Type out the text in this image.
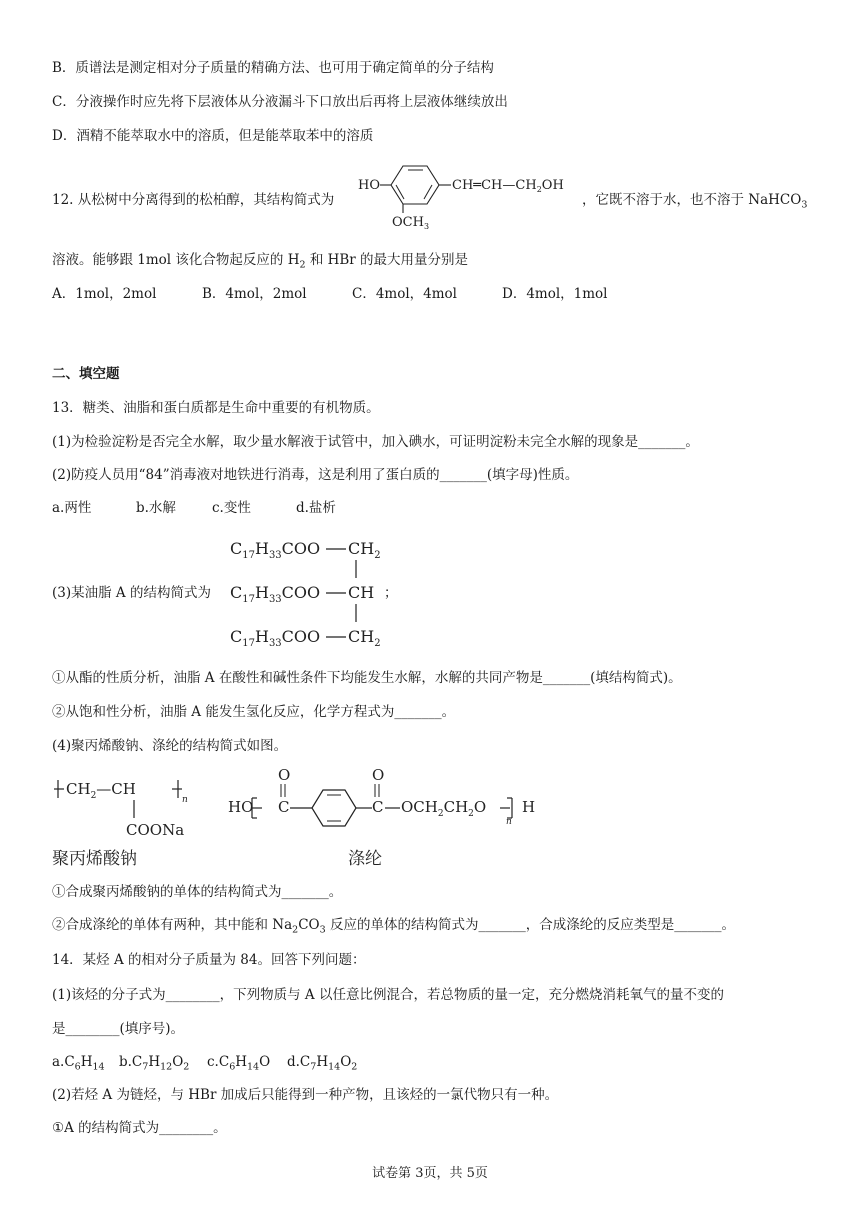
B．质谱法是测定相对分子质量的精确方法、也可用于确定简单的分子结构
C．分液操作时应先将下层液体从分液漏斗下口放出后再将上层液体继续放出
D．酒精不能萃取水中的溶质，但是能萃取苯中的溶质
12. 从松树中分离得到的松柏醇，其结构简式为
HO	$CH═CH—CH_2OH$
$OCH_3$
，它既不溶于水，也不溶于 NaHCO$_3$
溶液。能够跟 1mol 该化合物起反应的 $H_2$ 和 HBr 的最大用量分别是
A．1mol，2mol	B．4mol，2mol	C．4mol，4mol	D．4mol，1mol
二、填空题
13．糖类、油脂和蛋白质都是生命中重要的有机物质。
(1)为检验淀粉是否完全水解，取少量水解液于试管中，加入碘水，可证明淀粉未完全水解的现象是_______。
(2)防疫人员用“84”消毒液对地铁进行消毒，这是利用了蛋白质的_______(填字母)性质。
a.两性	b.水解	c.变性	d.盐析
(3)某油脂 A 的结构简式为
$C_{17}H_{33}COO$ $CH_2$
$C_{17}H_{33}COO$ CH
$C_{17}H_{33}COO$ $CH_2$
；
①从酯的性质分析，油脂 A 在酸性和碱性条件下均能发生水解，水解的共同产物是_______(填结构简式)。
②从饱和性分析，油脂 A 能发生氢化反应，化学方程式为_______。
(4)聚丙烯酸钠、涤纶的结构简式如图。
$CH_2—CH$
n
COONa
聚丙烯酸钠
HO C
O
C
O
$OCH_2CH_2O$
n
H
涤纶
①合成聚丙烯酸钠的单体的结构简式为_______。
②合成涤纶的单体有两种，其中能和 $Na_2CO_3$ 反应的单体的结构简式为_______，合成涤纶的反应类型是_______。
14．某烃 A 的相对分子质量为 84。回答下列问题：
(1)该烃的分子式为________，下列物质与 A 以任意比例混合，若总物质的量一定，充分燃烧消耗氧气的量不变的
是________(填序号)。
$a.C_6H_{14}$ $b.C_7H_{12}O_2$ $c.C_6H_{14}O$ $d.C_7H_{14}O_2$
(2)若烃 A 为链烃，与 HBr 加成后只能得到一种产物，且该烃的一氯代物只有一种。
①A 的结构简式为________。
试卷第 3页，共 5页
